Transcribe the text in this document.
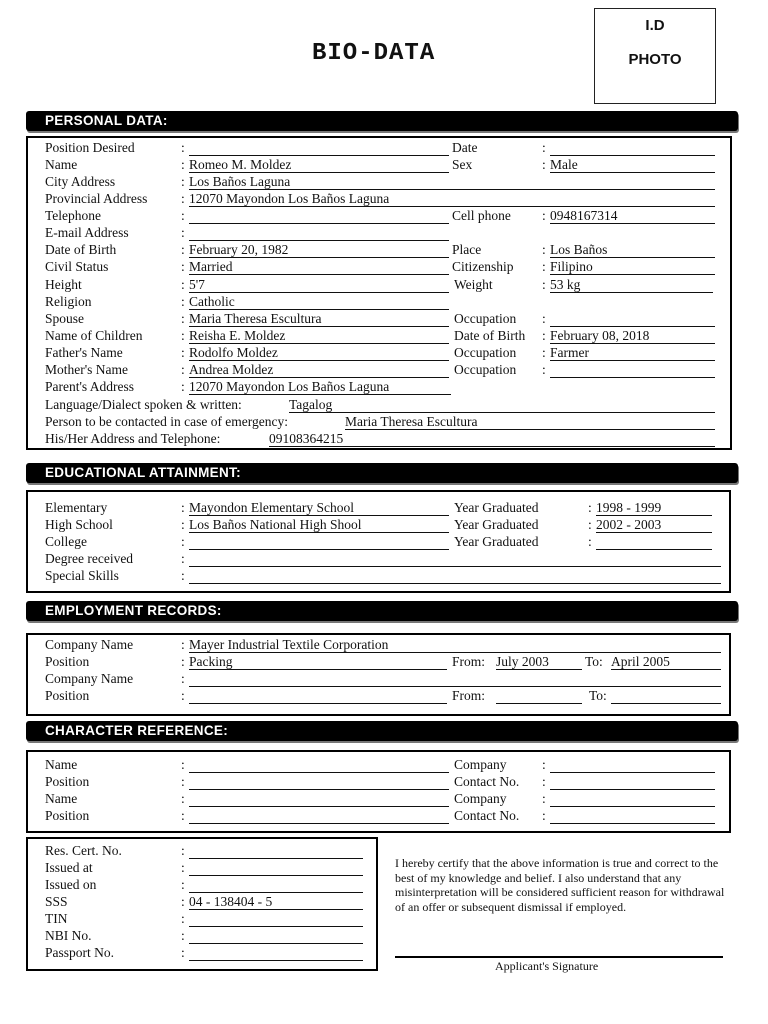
BIO-DATA
I.D
PHOTO
PERSONAL DATA:
Position Desired	:	Date	:
Name	: Romeo M. Moldez	Sex	: Male
City Address	: Los Baños Laguna
Provincial Address : 12070 Mayondon Los Baños Laguna
Telephone	:	Cell phone : 0948167314
E-mail Address	:
Date of Birth	: February 20, 1982	Place	: Los Baños
Civil Status	: Married	Citizenship : Filipino
Height	: 5'7	Weight	: 53 kg
Religion	: Catholic
Spouse	: Maria Theresa Escultura	Occupation :
Name of Children	: Reisha E. Moldez	Date of Birth : February 08, 2018
Father's Name	: Rodolfo Moldez	Occupation : Farmer
Mother's Name	: Andrea Moldez	Occupation :
Parent's Address	: 12070 Mayondon Los Baños Laguna
Language/Dialect spoken & written:	Tagalog
Person to be contacted in case of emergency:	Maria Theresa Escultura
His/Her Address and Telephone:	09108364215
EDUCATIONAL ATTAINMENT:
Elementary	: Mayondon Elementary School	Year Graduated	: 1998 - 1999
High School	: Los Baños National High Shool	Year Graduated	: 2002 - 2003
College	:	Year Graduated	:
Degree received	:
Special Skills	:
EMPLOYMENT RECORDS:
Company Name	: Mayer Industrial Textile Corporation
Position	: Packing	From: July 2003	To: April 2005
Company Name	:
Position	:	From:	To:
CHARACTER REFERENCE:
Name	:	Company	:
Position	:	Contact No. :
Name	:	Company	:
Position	:	Contact No. :
Res. Cert. No.	:
Issued at	:
Issued on	:
SSS	: 04 - 138404 - 5
TIN	:
NBI No.	:
Passport No.	:
I hereby certify that the above information is true and correct to the best of my knowledge and belief. I also understand that any misinterpretation will be considered sufficient reason for withdrawal of an offer or subsequent dismissal if employed.
Applicant's Signature
